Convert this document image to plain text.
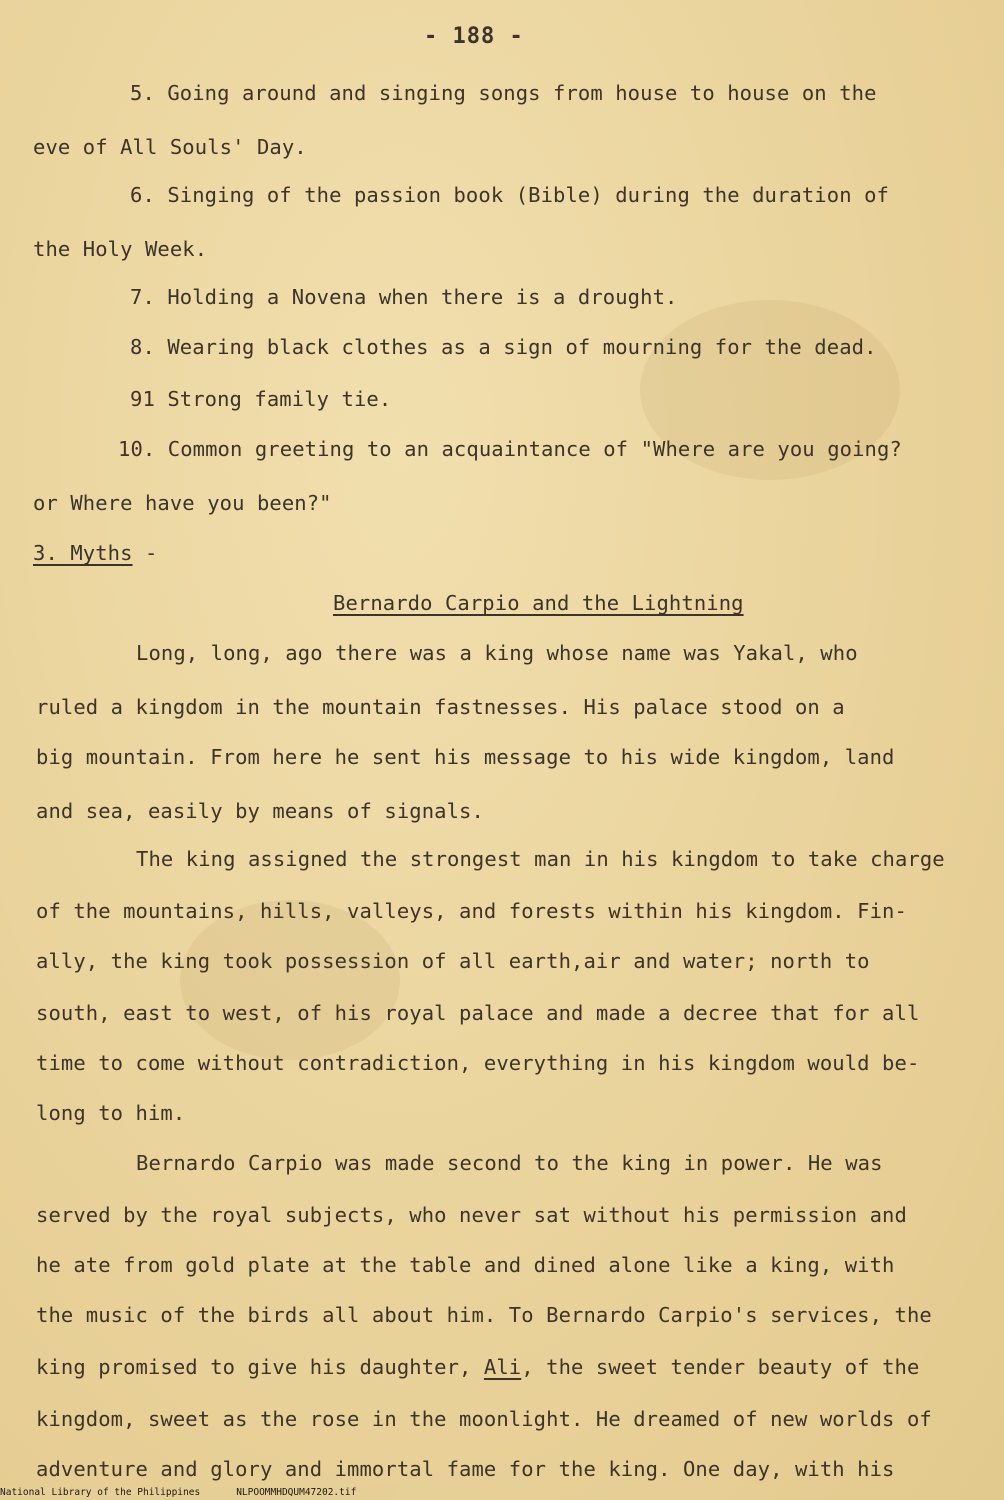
- 188 -
5. Going around and singing songs from house to house on the
eve of All Souls' Day.
6. Singing of the passion book (Bible) during the duration of
the Holy Week.
7. Holding a Novena when there is a drought.
8. Wearing black clothes as a sign of mourning for the dead.
91 Strong family tie.
10. Common greeting to an acquaintance of "Where are you going?
or Where have you been?"
3. Myths -
Bernardo Carpio and the Lightning
Long, long, ago there was a king whose name was Yakal, who
ruled a kingdom in the mountain fastnesses. His palace stood on a
big mountain. From here he sent his message to his wide kingdom, land
and sea, easily by means of signals.
The king assigned the strongest man in his kingdom to take charge
of the mountains, hills, valleys, and forests within his kingdom. Fin-
ally, the king took possession of all earth,air and water; north to
south, east to west, of his royal palace and made a decree that for all
time to come without contradiction, everything in his kingdom would be-
long to him.
Bernardo Carpio was made second to the king in power. He was
served by the royal subjects, who never sat without his permission and
he ate from gold plate at the table and dined alone like a king, with
the music of the birds all about him. To Bernardo Carpio's services, the
king promised to give his daughter, Ali, the sweet tender beauty of the
kingdom, sweet as the rose in the moonlight. He dreamed of new worlds of
adventure and glory and immortal fame for the king. One day, with his
National Library of the Philippines	NLPOOMMHDQUM47202.tif
